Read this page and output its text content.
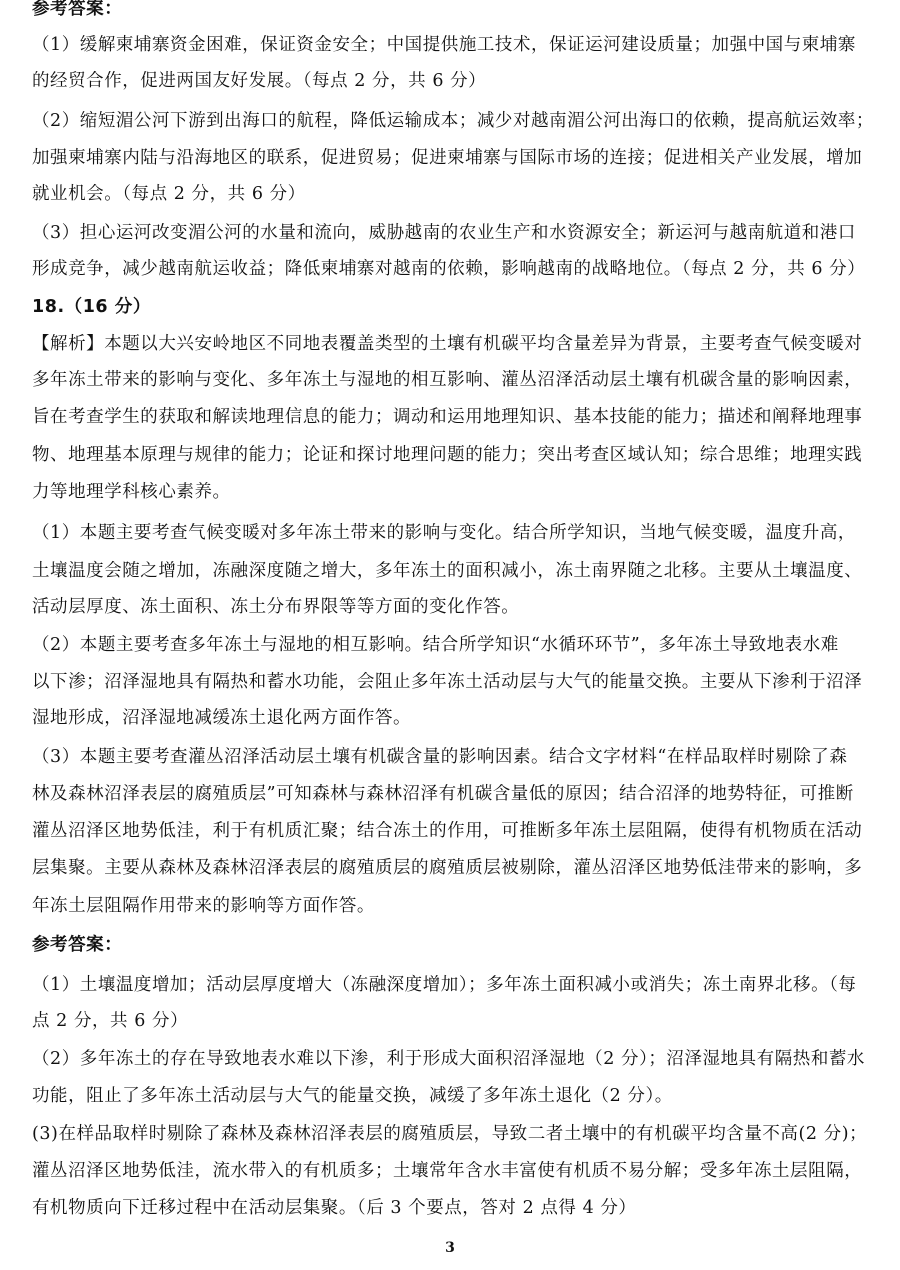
参考答案：
（1）缓解柬埔寨资金困难，保证资金安全；中国提供施工技术，保证运河建设质量；加强中国与柬埔寨
的经贸合作，促进两国友好发展。（每点 2 分，共 6 分）
（2）缩短湄公河下游到出海口的航程，降低运输成本；减少对越南湄公河出海口的依赖，提高航运效率；
加强柬埔寨内陆与沿海地区的联系，促进贸易；促进柬埔寨与国际市场的连接；促进相关产业发展，增加
就业机会。（每点 2 分，共 6 分）
（3）担心运河改变湄公河的水量和流向，威胁越南的农业生产和水资源安全；新运河与越南航道和港口
形成竞争，减少越南航运收益；降低柬埔寨对越南的依赖，影响越南的战略地位。（每点 2 分，共 6 分）
18.（16 分）
【解析】本题以大兴安岭地区不同地表覆盖类型的土壤有机碳平均含量差异为背景，主要考查气候变暖对
多年冻土带来的影响与变化、多年冻土与湿地的相互影响、灌丛沼泽活动层土壤有机碳含量的影响因素，
旨在考查学生的获取和解读地理信息的能力；调动和运用地理知识、基本技能的能力；描述和阐释地理事
物、地理基本原理与规律的能力；论证和探讨地理问题的能力；突出考查区域认知；综合思维；地理实践
力等地理学科核心素养。
（1）本题主要考查气候变暖对多年冻土带来的影响与变化。结合所学知识，当地气候变暖，温度升高，
土壤温度会随之增加，冻融深度随之增大，多年冻土的面积减小，冻土南界随之北移。主要从土壤温度、
活动层厚度、冻土面积、冻土分布界限等等方面的变化作答。
（2）本题主要考查多年冻土与湿地的相互影响。结合所学知识“水循环环节”，多年冻土导致地表水难
以下渗；沼泽湿地具有隔热和蓄水功能，会阻止多年冻土活动层与大气的能量交换。主要从下渗利于沼泽
湿地形成，沼泽湿地减缓冻土退化两方面作答。
（3）本题主要考查灌丛沼泽活动层土壤有机碳含量的影响因素。结合文字材料“在样品取样时剔除了森
林及森林沼泽表层的腐殖质层”可知森林与森林沼泽有机碳含量低的原因；结合沼泽的地势特征，可推断
灌丛沼泽区地势低洼，利于有机质汇聚；结合冻土的作用，可推断多年冻土层阻隔，使得有机物质在活动
层集聚。主要从森林及森林沼泽表层的腐殖质层的腐殖质层被剔除，灌丛沼泽区地势低洼带来的影响，多
年冻土层阻隔作用带来的影响等方面作答。
参考答案：
（1）土壤温度增加；活动层厚度增大（冻融深度增加）；多年冻土面积减小或消失；冻土南界北移。（每
点 2 分，共 6 分）
（2）多年冻土的存在导致地表水难以下渗，利于形成大面积沼泽湿地（2 分）；沼泽湿地具有隔热和蓄水
功能，阻止了多年冻土活动层与大气的能量交换，减缓了多年冻土退化（2 分）。
(3)在样品取样时剔除了森林及森林沼泽表层的腐殖质层，导致二者土壤中的有机碳平均含量不高(2 分)；
灌丛沼泽区地势低洼，流水带入的有机质多；土壤常年含水丰富使有机质不易分解；受多年冻土层阻隔，
有机物质向下迁移过程中在活动层集聚。（后 3 个要点，答对 2 点得 4 分）
3
